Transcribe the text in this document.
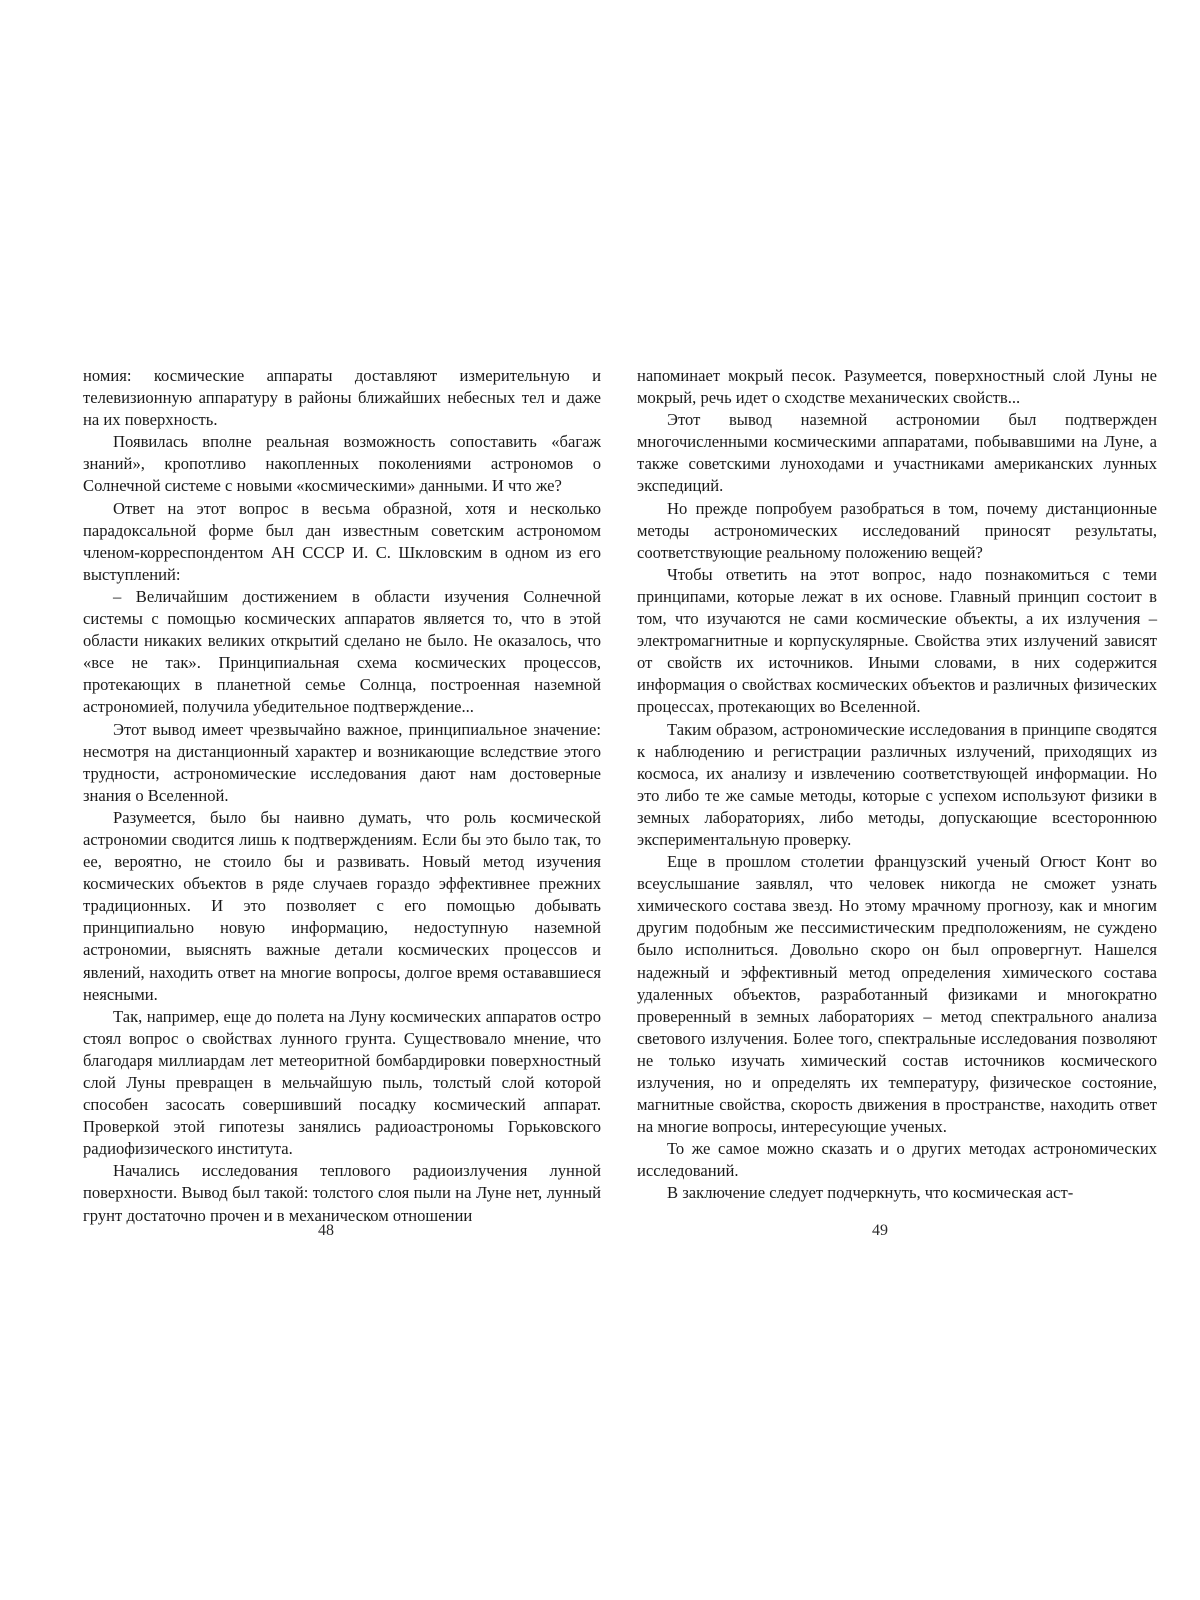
номия: космические аппараты доставляют измерительную и телевизионную аппаратуру в районы ближайших небесных тел и даже на их поверхность.

Появилась вполне реальная возможность сопоставить «багаж знаний», кропотливо накопленных поколениями астрономов о Солнечной системе с новыми «космическими» данными. И что же?

Ответ на этот вопрос в весьма образной, хотя и несколько парадоксальной форме был дан известным советским астрономом членом-корреспондентом АН СССР И. С. Шкловским в одном из его выступлений:

– Величайшим достижением в области изучения Солнечной системы с помощью космических аппаратов является то, что в этой области никаких великих открытий сделано не было. Не оказалось, что «все не так». Принципиальная схема космических процессов, протекающих в планетной семье Солнца, построенная наземной астрономией, получила убедительное подтверждение...

Этот вывод имеет чрезвычайно важное, принципиальное значение: несмотря на дистанционный характер и возникающие вследствие этого трудности, астрономические исследования дают нам достоверные знания о Вселенной.

Разумеется, было бы наивно думать, что роль космической астрономии сводится лишь к подтверждениям. Если бы это было так, то ее, вероятно, не стоило бы и развивать. Новый метод изучения космических объектов в ряде случаев гораздо эффективнее прежних традиционных. И это позволяет с его помощью добывать принципиально новую информацию, недоступную наземной астрономии, выяснять важные детали космических процессов и явлений, находить ответ на многие вопросы, долгое время остававшиеся неясными.

Так, например, еще до полета на Луну космических аппаратов остро стоял вопрос о свойствах лунного грунта. Существовало мнение, что благодаря миллиардам лет метеоритной бомбардировки поверхностный слой Луны превращен в мельчайшую пыль, толстый слой которой способен засосать совершивший посадку космический аппарат. Проверкой этой гипотезы занялись радиоастрономы Горьковского радиофизического института.

Начались исследования теплового радиоизлучения лунной поверхности. Вывод был такой: толстого слоя пыли на Луне нет, лунный грунт достаточно прочен и в механическом отношении

напоминает мокрый песок. Разумеется, поверхностный слой Луны не мокрый, речь идет о сходстве механических свойств...

Этот вывод наземной астрономии был подтвержден многочисленными космическими аппаратами, побывавшими на Луне, а также советскими луноходами и участниками американских лунных экспедиций.

Но прежде попробуем разобраться в том, почему дистанционные методы астрономических исследований приносят результаты, соответствующие реальному положению вещей?

Чтобы ответить на этот вопрос, надо познакомиться с теми принципами, которые лежат в их основе. Главный принцип состоит в том, что изучаются не сами космические объекты, а их излучения – электромагнитные и корпускулярные. Свойства этих излучений зависят от свойств их источников. Иными словами, в них содержится информация о свойствах космических объектов и различных физических процессах, протекающих во Вселенной.

Таким образом, астрономические исследования в принципе сводятся к наблюдению и регистрации различных излучений, приходящих из космоса, их анализу и извлечению соответствующей информации. Но это либо те же самые методы, которые с успехом используют физики в земных лабораториях, либо методы, допускающие всестороннюю экспериментальную проверку.

Еще в прошлом столетии французский ученый Огюст Конт во всеуслышание заявлял, что человек никогда не сможет узнать химического состава звезд. Но этому мрачному прогнозу, как и многим другим подобным же пессимистическим предположениям, не суждено было исполниться. Довольно скоро он был опровергнут. Нашелся надежный и эффективный метод определения химического состава удаленных объектов, разработанный физиками и многократно проверенный в земных лабораториях – метод спектрального анализа светового излучения. Более того, спектральные исследования позволяют не только изучать химический состав источников космического излучения, но и определять их температуру, физическое состояние, магнитные свойства, скорость движения в пространстве, находить ответ на многие вопросы, интересующие ученых.

То же самое можно сказать и о других методах астрономических исследований.

В заключение следует подчеркнуть, что космическая аст-

48	49
